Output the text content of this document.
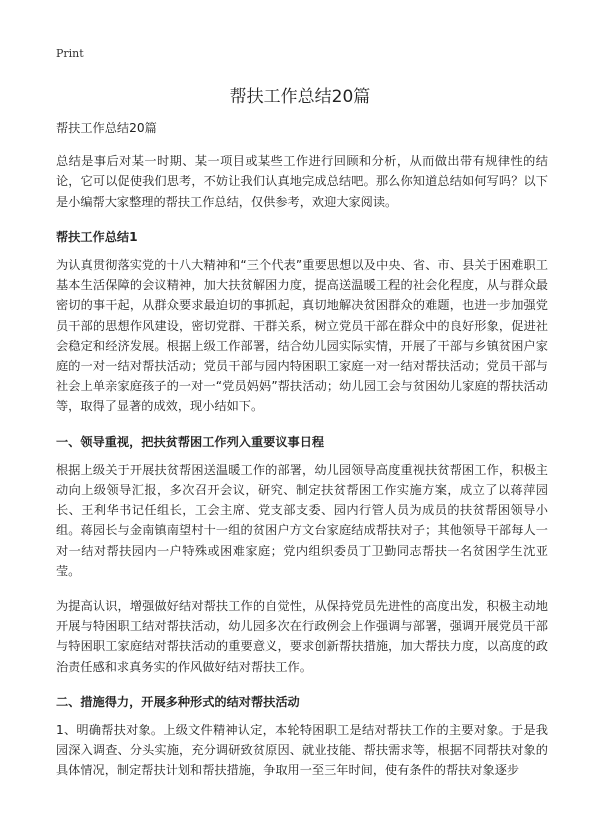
Print
帮扶工作总结20篇

帮扶工作总结20篇

总结是事后对某一时期、某一项目或某些工作进行回顾和分析，从而做出带有规律性的结论，它可以促使我们思考，不妨让我们认真地完成总结吧。那么你知道总结如何写吗？以下是小编帮大家整理的帮扶工作总结，仅供参考，欢迎大家阅读。

帮扶工作总结1

为认真贯彻落实党的十八大精神和“三个代表”重要思想以及中央、省、市、县关于困难职工基本生活保障的会议精神，加大扶贫解困力度，提高送温暖工程的社会化程度，从与群众最密切的事干起，从群众要求最迫切的事抓起，真切地解决贫困群众的难题，也进一步加强党员干部的思想作风建设，密切党群、干群关系，树立党员干部在群众中的良好形象，促进社会稳定和经济发展。根据上级工作部署，结合幼儿园实际实情，开展了干部与乡镇贫困户家庭的一对一结对帮扶活动；党员干部与园内特困职工家庭一对一结对帮扶活动；党员干部与社会上单亲家庭孩子的一对一“党员妈妈”帮扶活动；幼儿园工会与贫困幼儿家庭的帮扶活动等，取得了显著的成效，现小结如下。

一、领导重视，把扶贫帮困工作列入重要议事日程

根据上级关于开展扶贫帮困送温暖工作的部署，幼儿园领导高度重视扶贫帮困工作，积极主动向上级领导汇报，多次召开会议，研究、制定扶贫帮困工作实施方案，成立了以蒋萍园长、王利华书记任组长，工会主席、党支部支委、园内行管人员为成员的扶贫帮困领导小组。蒋园长与金南镇南望村十一组的贫困户方文台家庭结成帮扶对子；其他领导干部每人一对一结对帮扶园内一户特殊或困难家庭；党内组织委员丁卫勤同志帮扶一名贫困学生沈亚莹。

为提高认识，增强做好结对帮扶工作的自觉性，从保持党员先进性的高度出发，积极主动地开展与特困职工结对帮扶活动，幼儿园多次在行政例会上作强调与部署，强调开展党员干部与特困职工家庭结对帮扶活动的重要意义，要求创新帮扶措施，加大帮扶力度，以高度的政治责任感和求真务实的作风做好结对帮扶工作。

二、措施得力，开展多种形式的结对帮扶活动

1、明确帮扶对象。上级文件精神认定，本轮特困职工是结对帮扶工作的主要对象。于是我园深入调查、分头实施，充分调研致贫原因、就业技能、帮扶需求等，根据不同帮扶对象的具体情况，制定帮扶计划和帮扶措施，争取用一至三年时间，使有条件的帮扶对象逐步
